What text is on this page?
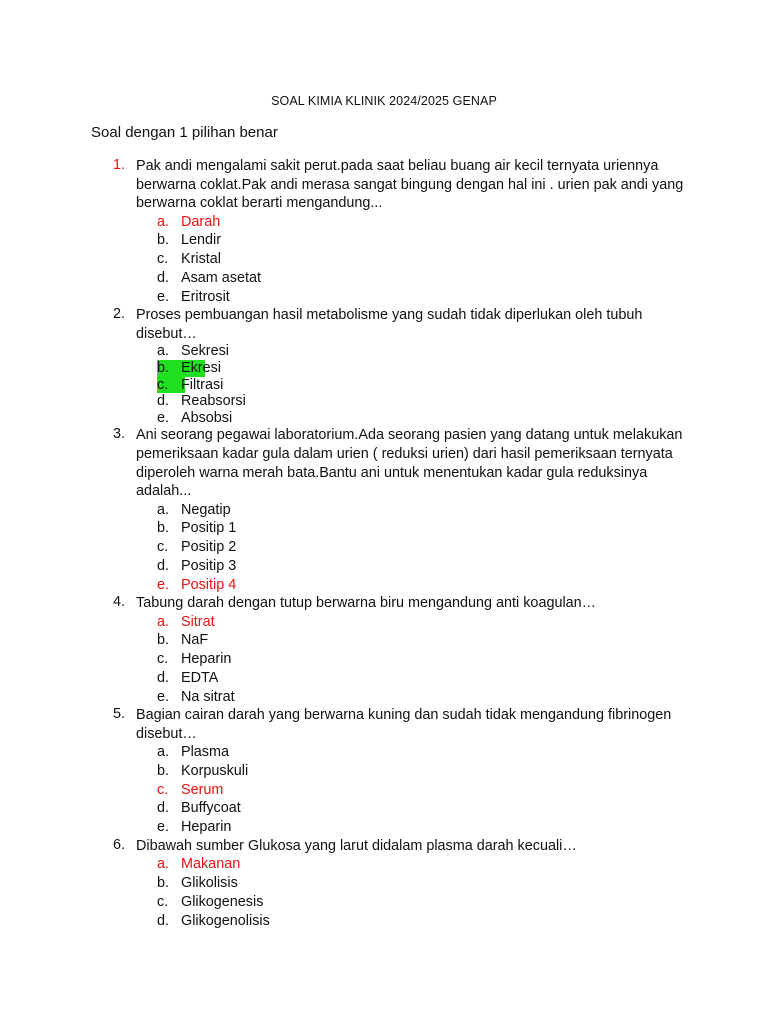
SOAL KIMIA KLINIK 2024/2025 GENAP
Soal dengan 1 pilihan benar
1. Pak andi mengalami sakit perut.pada saat beliau buang air kecil ternyata uriennya
berwarna coklat.Pak andi merasa sangat bingung dengan hal ini . urien pak andi yang
berwarna coklat berarti mengandung...
a. Darah
b. Lendir
c. Kristal
d. Asam asetat
e. Eritrosit
2. Proses pembuangan hasil metabolisme yang sudah tidak diperlukan oleh tubuh
disebut…
a. Sekresi
b. Ekresi
c. Filtrasi
d. Reabsorsi
e. Absobsi
3. Ani seorang pegawai laboratorium.Ada seorang pasien yang datang untuk melakukan
pemeriksaan kadar gula dalam urien ( reduksi urien) dari hasil pemeriksaan ternyata
diperoleh warna merah bata.Bantu ani untuk menentukan kadar gula reduksinya
adalah...
a. Negatip
b. Positip 1
c. Positip 2
d. Positip 3
e. Positip 4
4. Tabung darah dengan tutup berwarna biru mengandung anti koagulan…
a. Sitrat
b. NaF
c. Heparin
d. EDTA
e. Na sitrat
5. Bagian cairan darah yang berwarna kuning dan sudah tidak mengandung fibrinogen
disebut…
a. Plasma
b. Korpuskuli
c. Serum
d. Buffycoat
e. Heparin
6. Dibawah sumber Glukosa yang larut didalam plasma darah kecuali…
a. Makanan
b. Glikolisis
c. Glikogenesis
d. Glikogenolisis
